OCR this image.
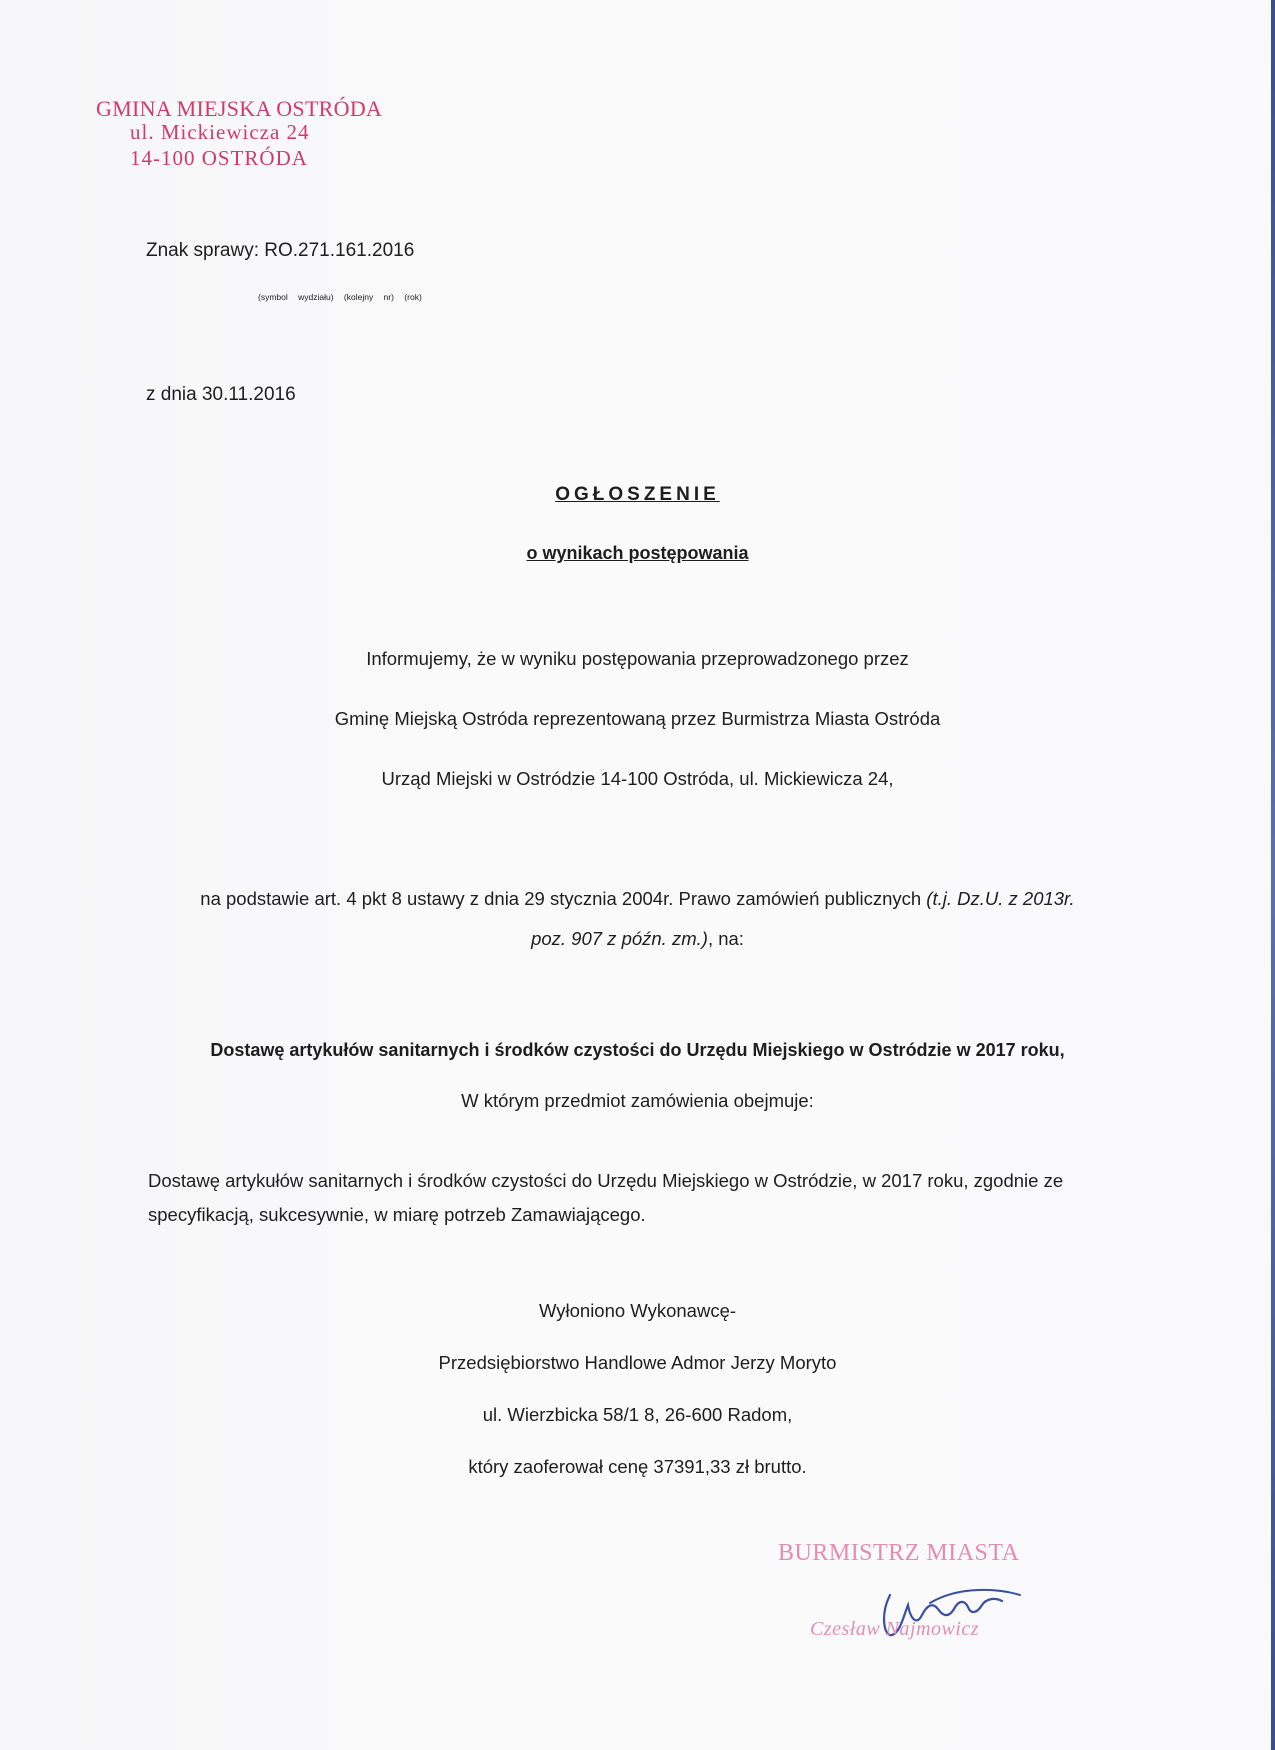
GMINA MIEJSKA OSTRÓDA
ul. Mickiewicza 24
14-100 OSTRÓDA
Znak sprawy: RO.271.161.2016
(symbol wydziału) (kolejny nr) (rok)
z dnia 30.11.2016
OGŁOSZENIE
o wynikach postępowania
Informujemy, że w wyniku postępowania przeprowadzonego przez
Gminę Miejską Ostróda reprezentowaną przez Burmistrza Miasta Ostróda
Urząd Miejski w Ostródzie 14-100 Ostróda, ul. Mickiewicza 24,
na podstawie art. 4 pkt 8 ustawy z dnia 29 stycznia 2004r. Prawo zamówień publicznych (t.j. Dz.U. z 2013r.
poz. 907 z późn. zm.), na:
Dostawę artykułów sanitarnych i środków czystości do Urzędu Miejskiego w Ostródzie w 2017 roku,
W którym przedmiot zamówienia obejmuje:
Dostawę artykułów sanitarnych i środków czystości do Urzędu Miejskiego w Ostródzie, w 2017 roku, zgodnie ze specyfikacją, sukcesywnie, w miarę potrzeb Zamawiającego.
Wyłoniono Wykonawcę-
Przedsiębiorstwo Handlowe Admor Jerzy Moryto
ul. Wierzbicka 58/1 8, 26-600 Radom,
który zaoferował cenę 37391,33 zł brutto.
BURMISTRZ MIASTA
Czesław Najmowicz
